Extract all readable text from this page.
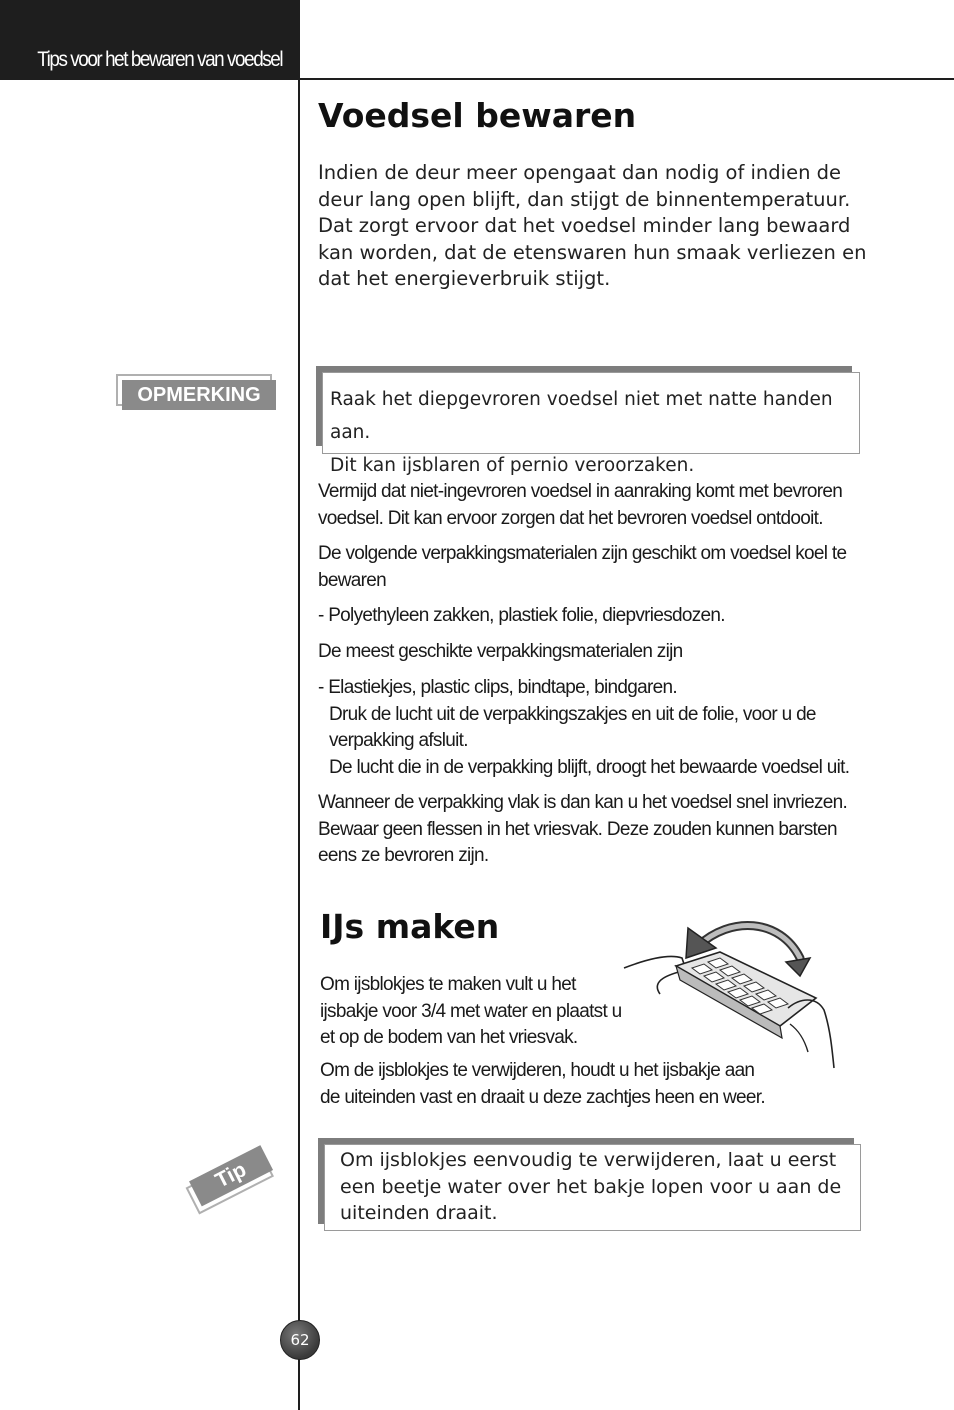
Tips voor het bewaren van voedsel
Voedsel bewaren

Indien de deur meer opengaat dan nodig of indien de deur lang open blijft, dan stijgt de binnentemperatuur. Dat zorgt ervoor dat het voedsel minder lang bewaard kan worden, dat de etenswaren hun smaak verliezen en dat het energieverbruik stijgt.

OPMERKING	Raak het diepgevroren voedsel niet met natte handen aan.
Dit kan ijsblaren of pernio veroorzaken.

Vermijd dat niet-ingevroren voedsel in aanraking komt met bevroren voedsel. Dit kan ervoor zorgen dat het bevroren voedsel ontdooit.

De volgende verpakkingsmaterialen zijn geschikt om voedsel koel te bewaren

- Polyethyleen zakken, plastiek folie, diepvriesdozen.

De meest geschikte verpakkingsmaterialen zijn

- Elastiekjes, plastic clips, bindtape, bindgaren.
Druk de lucht uit de verpakkingszakjes en uit de folie, voor u de verpakking afsluit.
De lucht die in de verpakking blijft, droogt het bewaarde voedsel uit.

Wanneer de verpakking vlak is dan kan u het voedsel snel invriezen. Bewaar geen flessen in het vriesvak. Deze zouden kunnen barsten eens ze bevroren zijn.

IJs maken

Om ijsblokjes te maken vult u het
ijsbakje voor 3/4 met water en plaatst u
et op de bodem van het vriesvak.

Om de ijsblokjes te verwijderen, houdt u het ijsbakje aan
de uiteinden vast en draait u deze zachtjes heen en weer.

Tip	Om ijsblokjes eenvoudig te verwijderen, laat u eerst een beetje water over het bakje lopen voor u aan de uiteinden draait.

62
